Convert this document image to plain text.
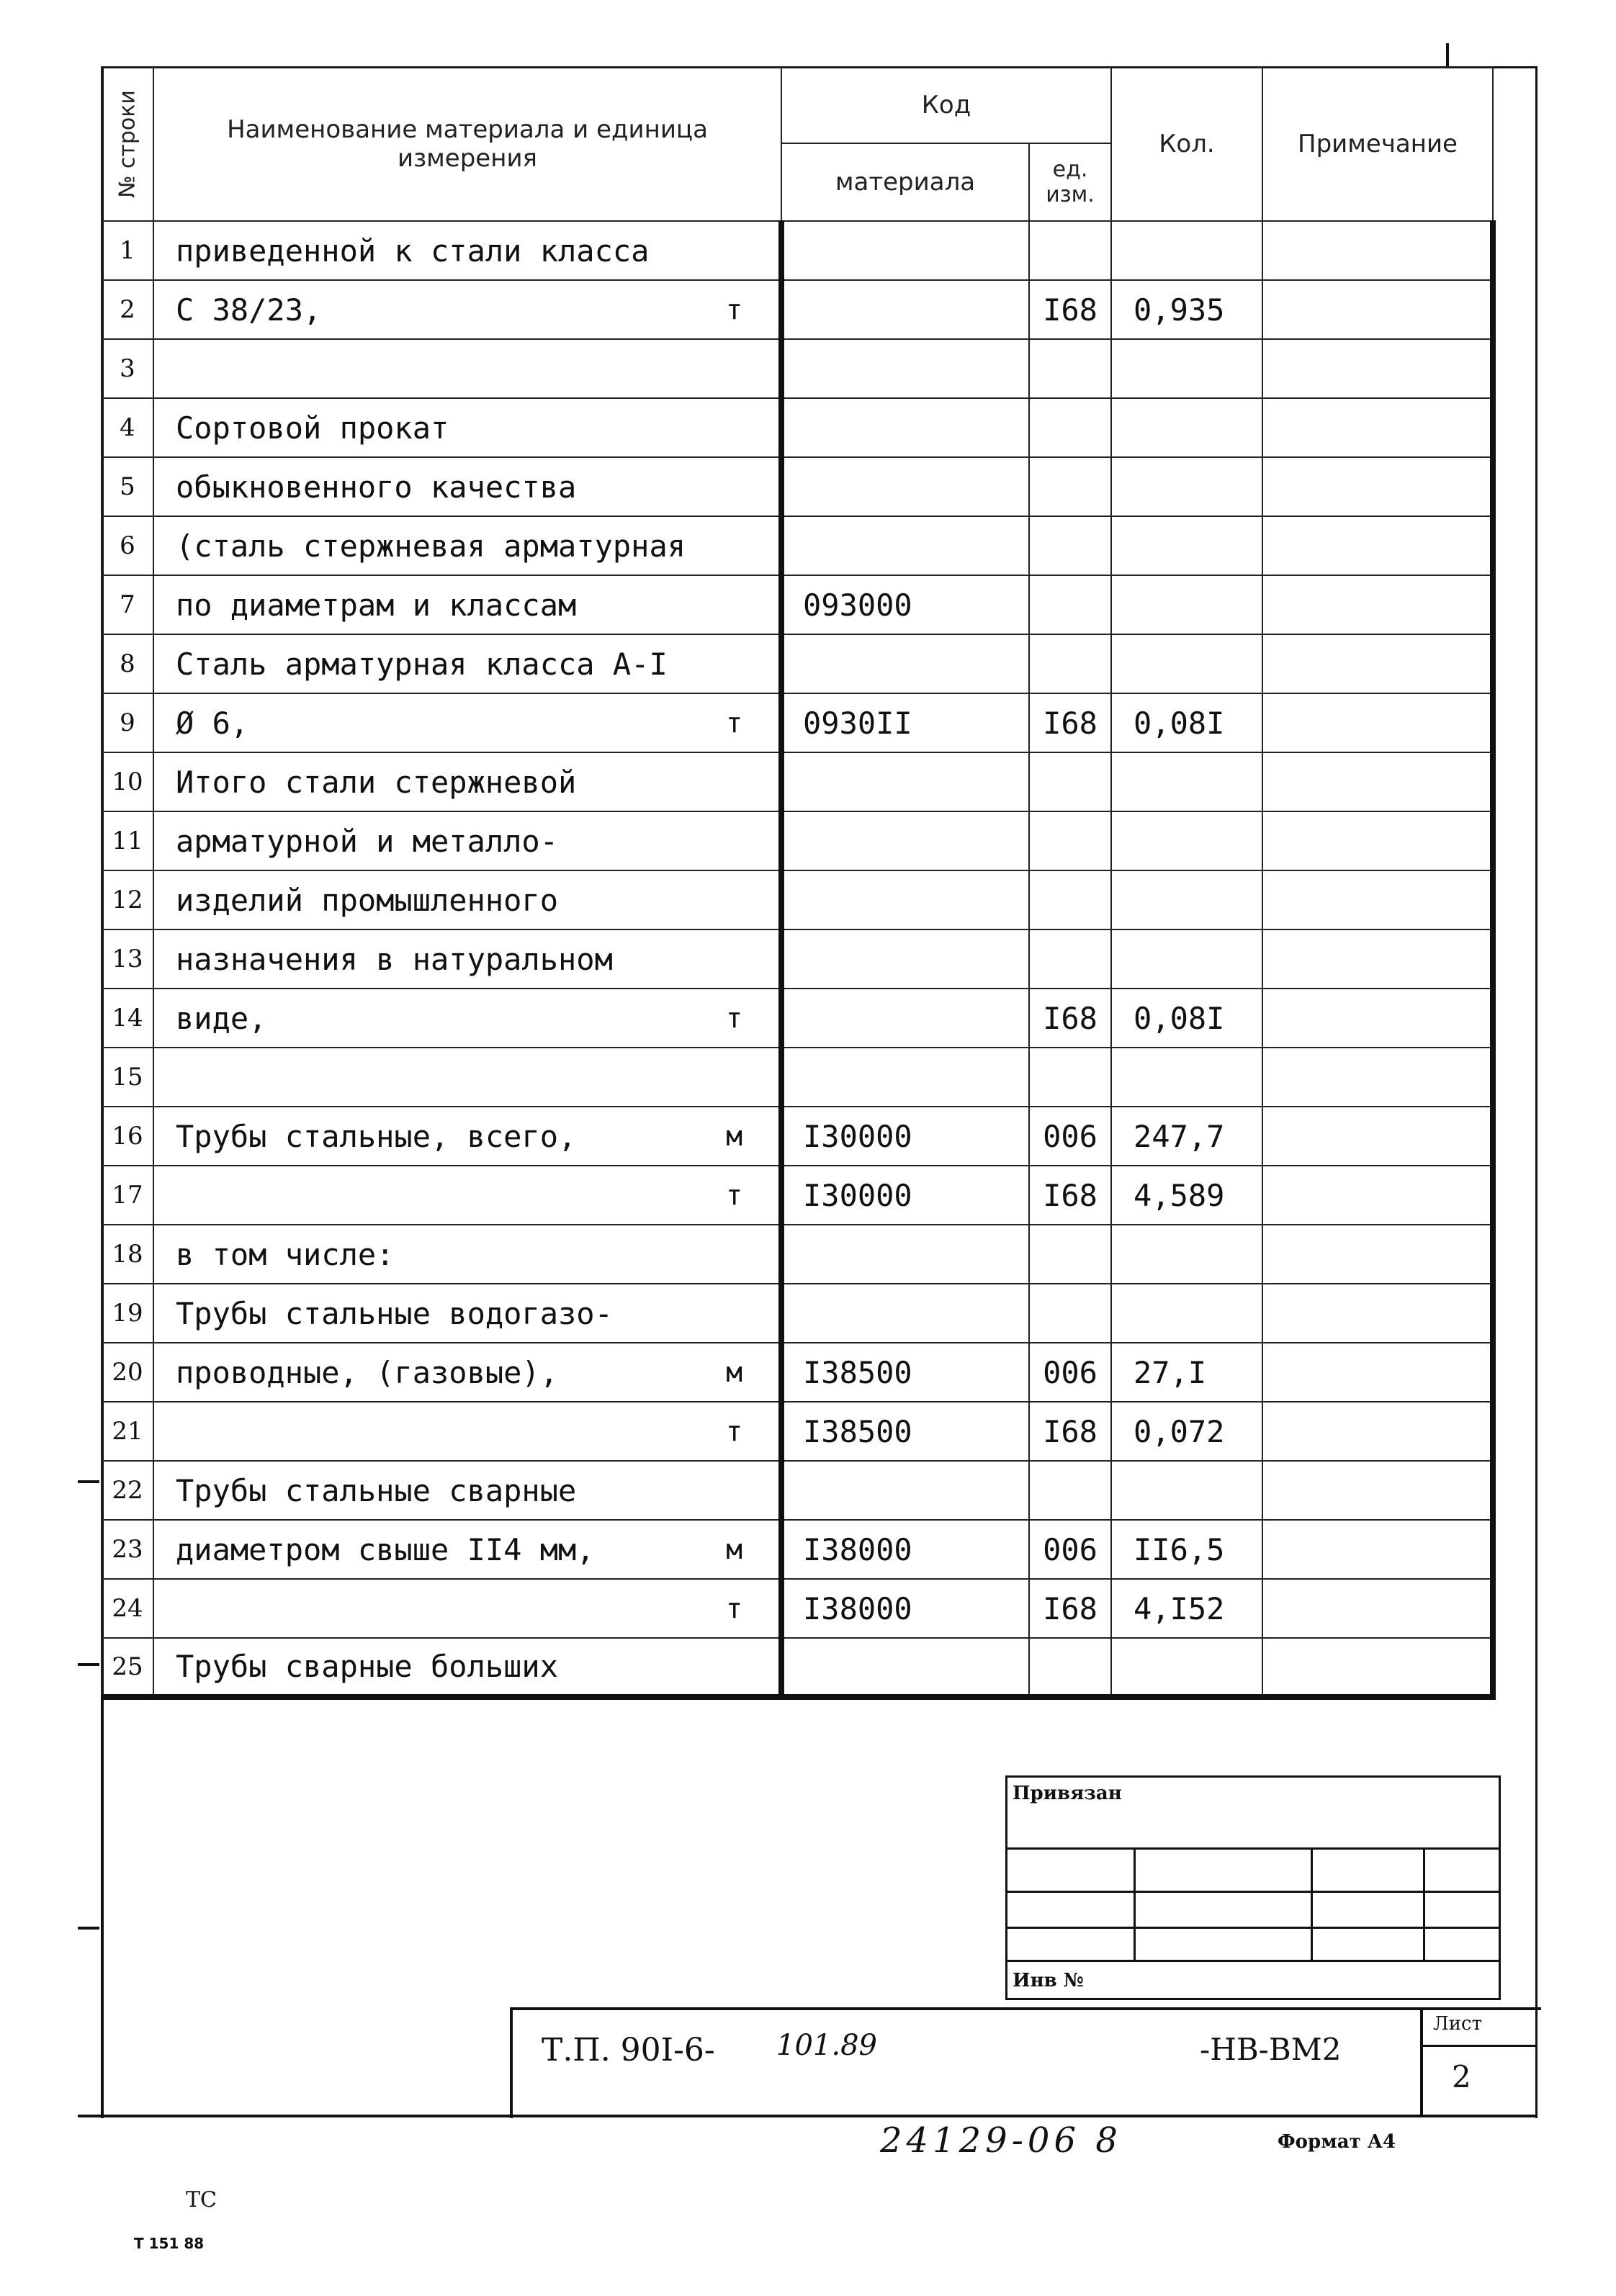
№ строки	Наименование материала и единица измерения	Код		Кол.	Примечание
		материала	ед. изм.		
1	приведенной к стали класса

2	С 38/23, т		I68	0,935	
3	

4	Сортовой прокат

5	обыкновенного качества

6	(сталь стержневая арматурная

7	по диаметрам и классам	093000			
8	Сталь арматурная класса А-I

9	Ø 6, т	0930II	I68	0,08I	
10	Итого стали стержневой

11	арматурной и металло-

12	изделий промышленного

13	назначения в натуральном

14	виде, т		I68	0,08I	
15	

16	Трубы стальные, всего, м	I30000	006	247,7	
17	т	I30000	I68	4,589	
18	в том числе:

19	Трубы стальные водогазо-

20	проводные, (газовые), м	I38500	006	27,I	
21	т	I38500	I68	0,072	
22	Трубы стальные сварные

23	диаметром свыше II4 мм, м	I38000	006	II6,5	
24	т	I38000	I68	4,I52	
25	Трубы сварные больших

Привязан
Инв №
Т.П. 90I-6- 101.89	-НВ-ВМ2
Лист
2
24129-06 8	Формат А4
ТС
Т 151 88
